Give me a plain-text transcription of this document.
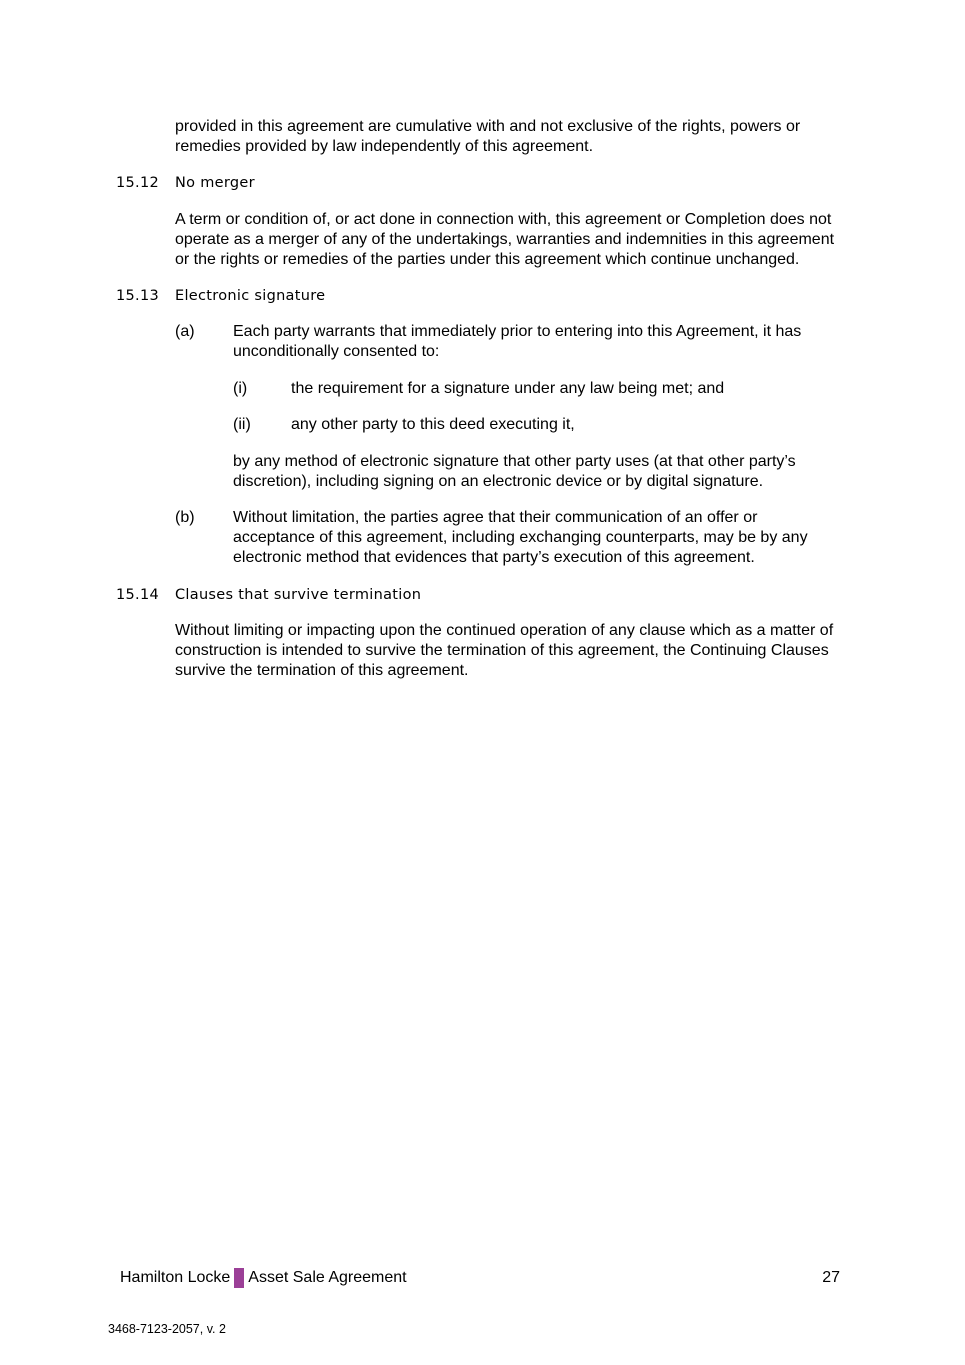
provided in this agreement are cumulative with and not exclusive of the rights, powers or remedies provided by law independently of this agreement.

15.12 No merger

A term or condition of, or act done in connection with, this agreement or Completion does not operate as a merger of any of the undertakings, warranties and indemnities in this agreement or the rights or remedies of the parties under this agreement which continue unchanged.

15.13 Electronic signature
(a) Each party warrants that immediately prior to entering into this Agreement, it has unconditionally consented to:
(i)	the requirement for a signature under any law being met; and
(ii)	any other party to this deed executing it,
by any method of electronic signature that other party uses (at that other party’s discretion), including signing on an electronic device or by digital signature.
(b) Without limitation, the parties agree that their communication of an offer or acceptance of this agreement, including exchanging counterparts, may be by any electronic method that evidences that party’s execution of this agreement.
15.14 Clauses that survive termination

Without limiting or impacting upon the continued operation of any clause which as a matter of construction is intended to survive the termination of this agreement, the Continuing Clauses survive the termination of this agreement.

Hamilton Locke Asset Sale Agreement	27
3468-7123-2057, v. 2
